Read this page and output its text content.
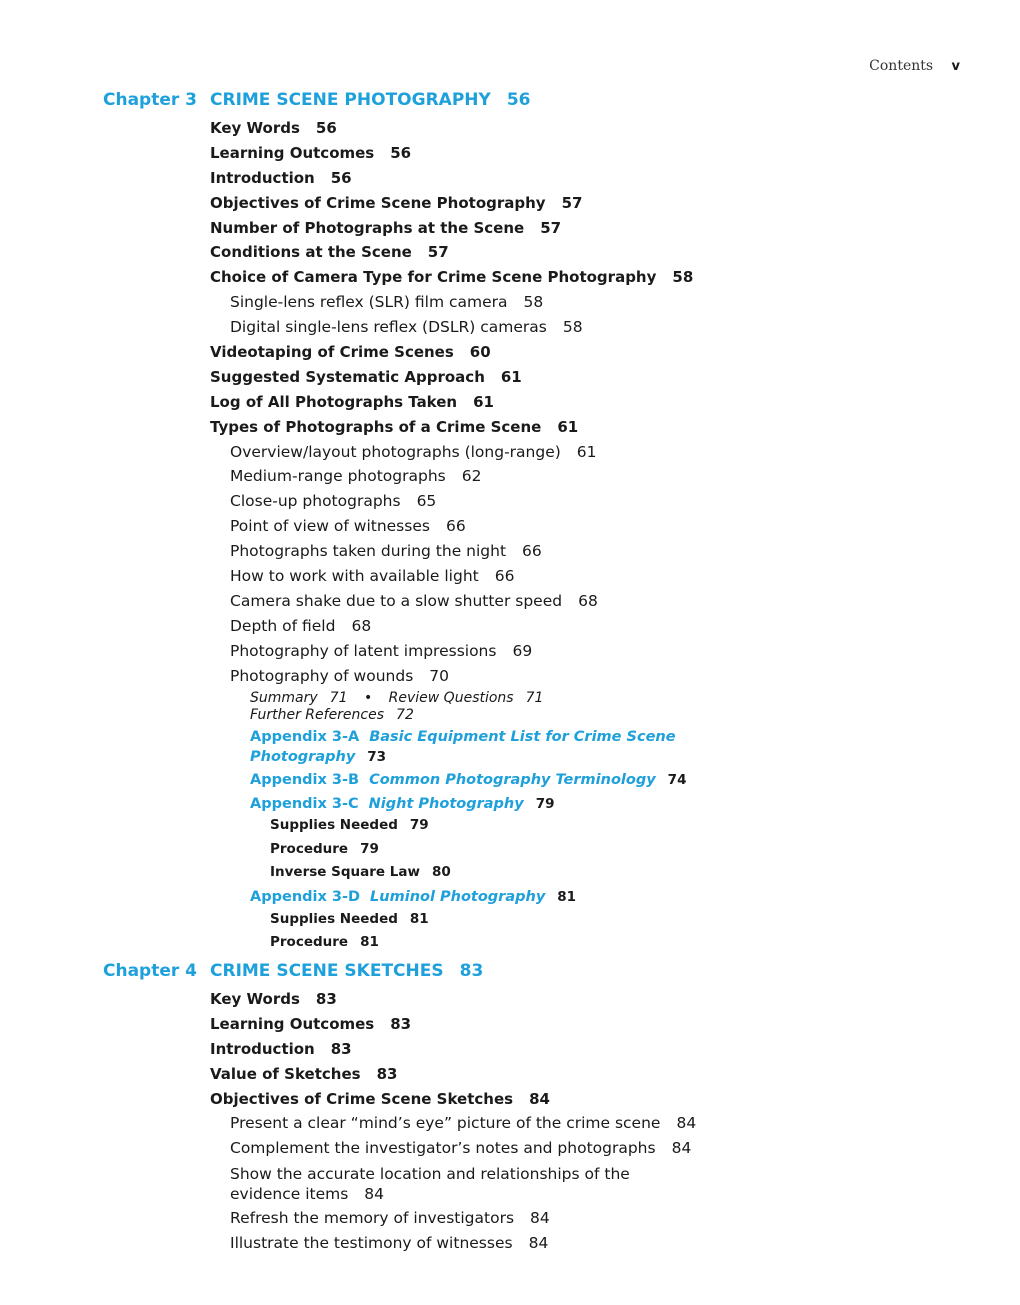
Contents v
Chapter 3 CRIME SCENE PHOTOGRAPHY 56
Key Words 56
Learning Outcomes 56
Introduction 56
Objectives of Crime Scene Photography 57
Number of Photographs at the Scene 57
Conditions at the Scene 57
Choice of Camera Type for Crime Scene Photography 58
Single-lens reflex (SLR) film camera 58
Digital single-lens reflex (DSLR) cameras 58
Videotaping of Crime Scenes 60
Suggested Systematic Approach 61
Log of All Photographs Taken 61
Types of Photographs of a Crime Scene 61
Overview/layout photographs (long-range) 61
Medium-range photographs 62
Close-up photographs 65
Point of view of witnesses 66
Photographs taken during the night 66
How to work with available light 66
Camera shake due to a slow shutter speed 68
Depth of field 68
Photography of latent impressions 69
Photography of wounds 70
Summary 71 • Review Questions 71
Further References 72
Appendix 3-A Basic Equipment List for Crime Scene
Photography 73
Appendix 3-B Common Photography Terminology 74
Appendix 3-C Night Photography 79
Supplies Needed 79
Procedure 79
Inverse Square Law 80
Appendix 3-D Luminol Photography 81
Supplies Needed 81
Procedure 81
Chapter 4 CRIME SCENE SKETCHES 83
Key Words 83
Learning Outcomes 83
Introduction 83
Value of Sketches 83
Objectives of Crime Scene Sketches 84
Present a clear “mind’s eye” picture of the crime scene 84
Complement the investigator’s notes and photographs 84
Show the accurate location and relationships of the evidence items 84
Refresh the memory of investigators 84
Illustrate the testimony of witnesses 84
